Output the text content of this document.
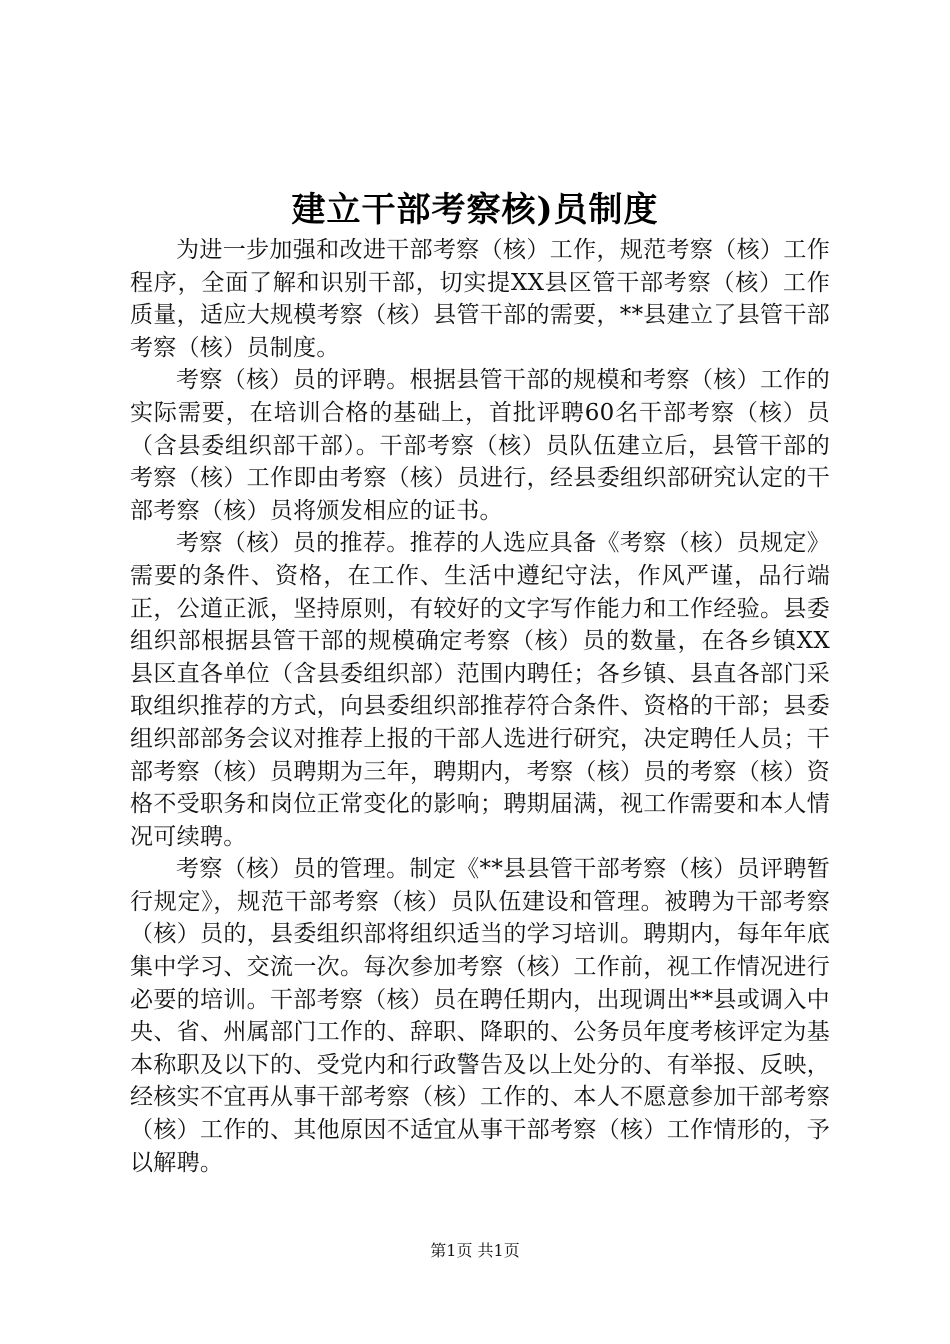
建立干部考察核)员制度

为进一步加强和改进干部考察（核）工作，规范考察（核）工作程序，全面了解和识别干部，切实提XX县区管干部考察（核）工作质量，适应大规模考察（核）县管干部的需要，**县建立了县管干部考察（核）员制度。

考察（核）员的评聘。根据县管干部的规模和考察（核）工作的实际需要，在培训合格的基础上，首批评聘60名干部考察（核）员（含县委组织部干部）。干部考察（核）员队伍建立后，县管干部的考察（核）工作即由考察（核）员进行，经县委组织部研究认定的干部考察（核）员将颁发相应的证书。

考察（核）员的推荐。推荐的人选应具备《考察（核）员规定》需要的条件、资格，在工作、生活中遵纪守法，作风严谨，品行端正，公道正派，坚持原则，有较好的文字写作能力和工作经验。县委组织部根据县管干部的规模确定考察（核）员的数量，在各乡镇XX县区直各单位（含县委组织部）范围内聘任；各乡镇、县直各部门采取组织推荐的方式，向县委组织部推荐符合条件、资格的干部；县委组织部部务会议对推荐上报的干部人选进行研究，决定聘任人员；干部考察（核）员聘期为三年，聘期内，考察（核）员的考察（核）资格不受职务和岗位正常变化的影响；聘期届满，视工作需要和本人情况可续聘。

考察（核）员的管理。制定《**县县管干部考察（核）员评聘暂行规定》，规范干部考察（核）员队伍建设和管理。被聘为干部考察（核）员的，县委组织部将组织适当的学习培训。聘期内，每年年底集中学习、交流一次。每次参加考察（核）工作前，视工作情况进行必要的培训。干部考察（核）员在聘任期内，出现调出**县或调入中央、省、州属部门工作的、辞职、降职的、公务员年度考核评定为基本称职及以下的、受党内和行政警告及以上处分的、有举报、反映，经核实不宜再从事干部考察（核）工作的、本人不愿意参加干部考察（核）工作的、其他原因不适宜从事干部考察（核）工作情形的，予以解聘。

第1页 共1页
